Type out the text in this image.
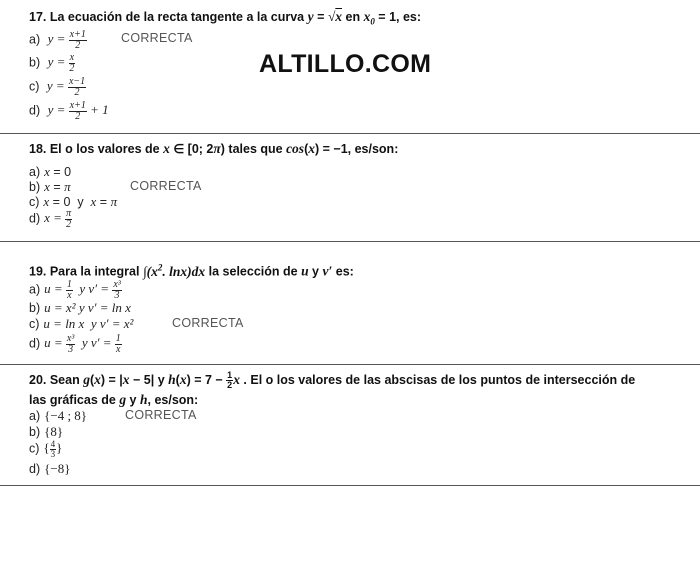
17. La ecuación de la recta tangente a la curva y = √x en $x_0 = 1$, es:
a) $y = \frac{x+1}{2}$	CORRECTA
b) $y = \frac{x}{2}$
c) $y = \frac{x-1}{2}$
d) $y = \frac{x+1}{2} + 1$
ALTILLO.COM
18. El o los valores de x ∈ [0; 2π) tales que cos(x) = −1, es/son:
a) x = 0
b) x = π	CORRECTA
c) x = 0  y  x = π
d) $x = \frac{\pi}{2}$
19. Para la integral $\int(x^2$. lnx)dx la selección de u y v′ es:
a) $u = \frac{1}{x}$ y $v' = \frac{\text{x³}}{3}$
b) u = x² y v′ = ln x
c) u = ln x  y v′ = x²	CORRECTA
d) $u = \frac{\text{x³}}{3}$ y $v' = \frac{1}{x}$
20. Sean g(x) = |x − 5| y $h(x) = 7 - \frac{1}{2}$ x . El o los valores de las abscisas de los puntos de intersección de
las gráficas de g y h, es/son:
a) {−4 ; 8}	CORRECTA
b) {8}
c) { $\frac{4}{3}$ }
d) {−8}
